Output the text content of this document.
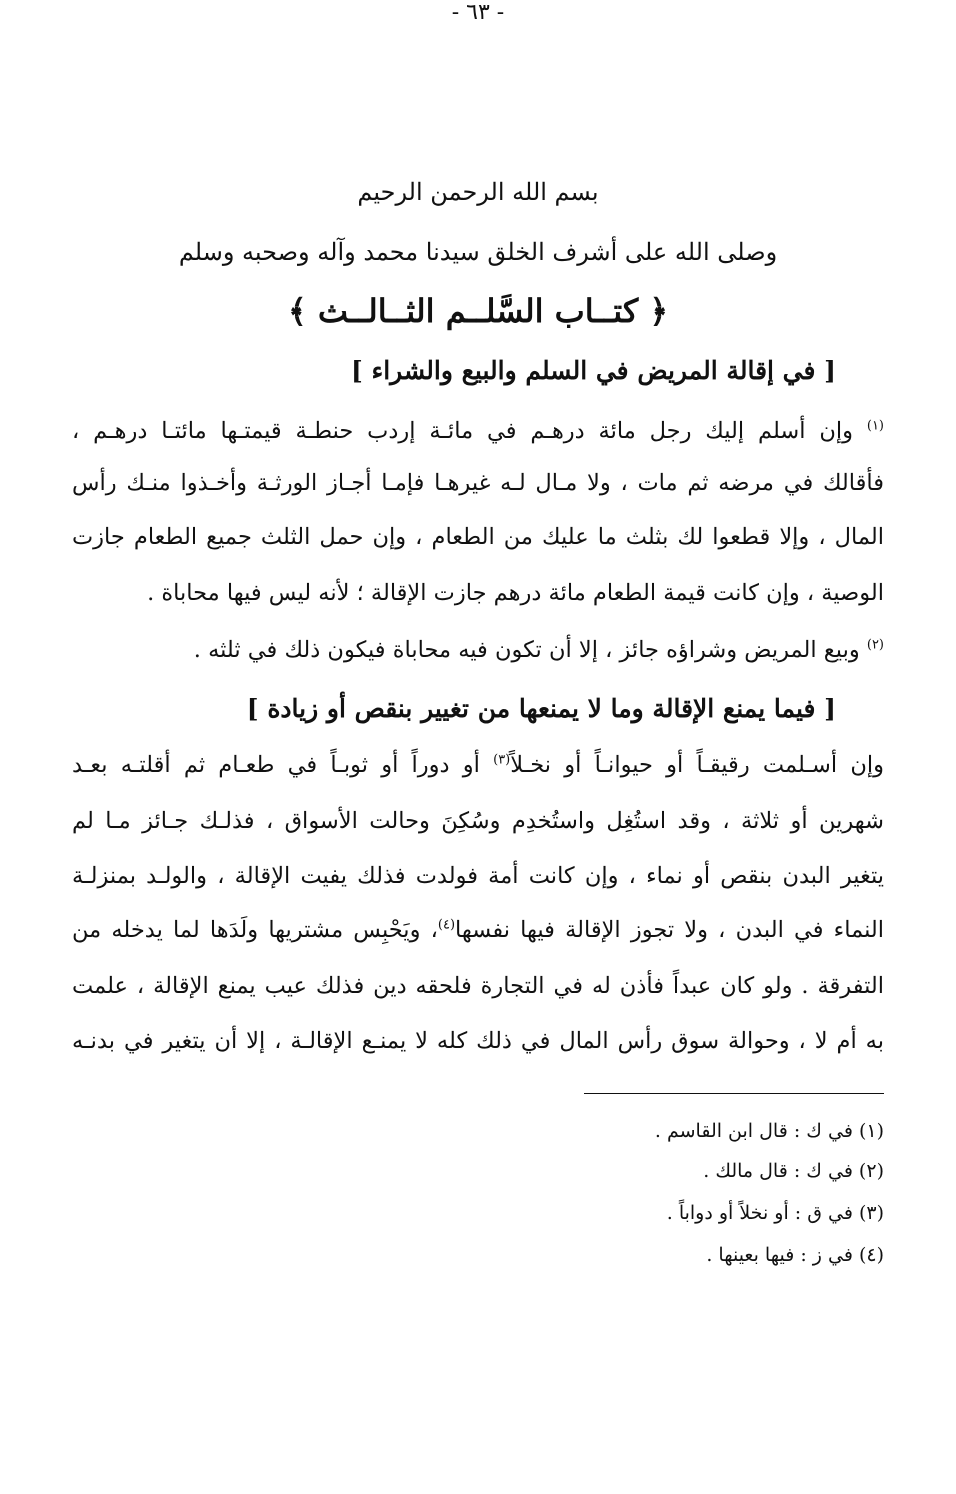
بسم الله الرحمن الرحيم
وصلى الله على أشرف الخلق سيدنا محمد وآله وصحبه وسلم
﴿ كتــاب السَّلــم الثــالــث ﴾
[ في إقالة المريض في السلم والبيع والشراء ]
$^{(١)}$ وإن أسلم إليك رجل مائة درهـم في مائـة إردب حنطـة قيمتـها مائتـا درهـم ،
فأقالك في مرضه ثم مات ، ولا مـال لـه غيرهـا فإمـا أجـاز الورثـة وأخـذوا منـك رأس
المال ، وإلا قطعوا لك بثلث ما عليك من الطعام ، وإن حمل الثلث جميع الطعام جازت
الوصية ، وإن كانت قيمة الطعام مائة درهم جازت الإقالة ؛ لأنه ليس فيها محاباة .
$^{(٢)}$ وبيع المريض وشراؤه جائز ، إلا أن تكون فيه محاباة فيكون ذلك في ثلثه .
[ فيما يمنع الإقالة وما لا يمنعها من تغيير بنقص أو زيادة ]
وإن أسـلمت رقيقـاً أو حيوانـاً أو نخـلاً$^{(٣)}$ أو دوراً أو ثوبـاً في طعـام ثم أقلتـه بعـد
شهرين أو ثلاثة ، وقد استُغِل واستُخدِم وسُكِنَ وحالت الأسواق ، فذلـك جـائز مـا لم
يتغير البدن بنقص أو نماء ، وإن كانت أمة فولدت فذلك يفيت الإقالة ، والولـد بمنزلـة
النماء في البدن ، ولا تجوز الإقالة فيها نفسها$^{(٤)}$، ويَحْبِس مشتريها ولَدَها لما يدخله من
التفرقة . ولو كان عبداً فأذن له في التجارة فلحقه دين فذلك عيب يمنع الإقالة ، علمت
به أم لا ، وحوالة سوق رأس المال في ذلك كله لا يمنـع الإقالـة ، إلا أن يتغير في بدنـه
(١) في ك : قال ابن القاسم .
(٢) في ك : قال مالك .
(٣) في ق : أو نخلاً أو دواباً .
(٤) في ز : فيها بعينها .
- ٦٣ -
